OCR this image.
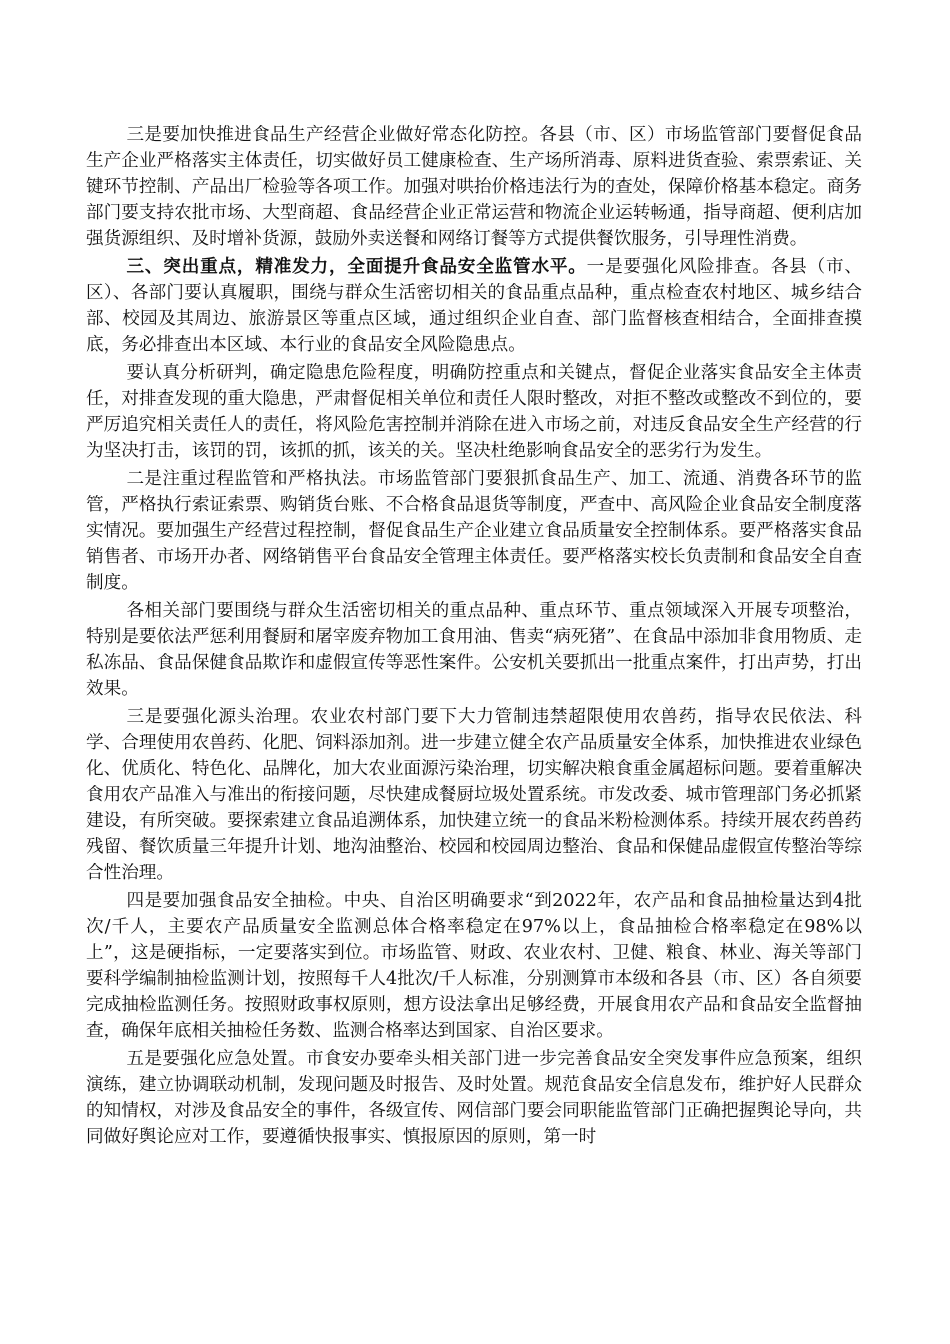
三是要加快推进食品生产经营企业做好常态化防控。各县（市、区）市场监管部门要督促食品生产企业严格落实主体责任，切实做好员工健康检查、生产场所消毒、原料进货查验、索票索证、关键环节控制、产品出厂检验等各项工作。加强对哄抬价格违法行为的查处，保障价格基本稳定。商务部门要支持农批市场、大型商超、食品经营企业正常运营和物流企业运转畅通，指导商超、便利店加强货源组织、及时增补货源，鼓励外卖送餐和网络订餐等方式提供餐饮服务，引导理性消费。

三、突出重点，精准发力，全面提升食品安全监管水平。一是要强化风险排查。各县（市、区）、各部门要认真履职，围绕与群众生活密切相关的食品重点品种，重点检查农村地区、城乡结合部、校园及其周边、旅游景区等重点区域，通过组织企业自查、部门监督核查相结合，全面排查摸底，务必排查出本区域、本行业的食品安全风险隐患点。

要认真分析研判，确定隐患危险程度，明确防控重点和关键点，督促企业落实食品安全主体责任，对排查发现的重大隐患，严肃督促相关单位和责任人限时整改，对拒不整改或整改不到位的，要严厉追究相关责任人的责任，将风险危害控制并消除在进入市场之前，对违反食品安全生产经营的行为坚决打击，该罚的罚，该抓的抓，该关的关。坚决杜绝影响食品安全的恶劣行为发生。

二是注重过程监管和严格执法。市场监管部门要狠抓食品生产、加工、流通、消费各环节的监管，严格执行索证索票、购销货台账、不合格食品退货等制度，严查中、高风险企业食品安全制度落实情况。要加强生产经营过程控制，督促食品生产企业建立食品质量安全控制体系。要严格落实食品销售者、市场开办者、网络销售平台食品安全管理主体责任。要严格落实校长负责制和食品安全自查制度。

各相关部门要围绕与群众生活密切相关的重点品种、重点环节、重点领域深入开展专项整治，特别是要依法严惩利用餐厨和屠宰废弃物加工食用油、售卖“病死猪”、在食品中添加非食用物质、走私冻品、食品保健食品欺诈和虚假宣传等恶性案件。公安机关要抓出一批重点案件，打出声势，打出效果。

三是要强化源头治理。农业农村部门要下大力管制违禁超限使用农兽药，指导农民依法、科学、合理使用农兽药、化肥、饲料添加剂。进一步建立健全农产品质量安全体系，加快推进农业绿色化、优质化、特色化、品牌化，加大农业面源污染治理，切实解决粮食重金属超标问题。要着重解决食用农产品准入与准出的衔接问题，尽快建成餐厨垃圾处置系统。市发改委、城市管理部门务必抓紧建设，有所突破。要探索建立食品追溯体系，加快建立统一的食品米粉检测体系。持续开展农药兽药残留、餐饮质量三年提升计划、地沟油整治、校园和校园周边整治、食品和保健品虚假宣传整治等综合性治理。

四是要加强食品安全抽检。中央、自治区明确要求“到2022年，农产品和食品抽检量达到4批次/千人，主要农产品质量安全监测总体合格率稳定在97%以上，食品抽检合格率稳定在98%以上”，这是硬指标，一定要落实到位。市场监管、财政、农业农村、卫健、粮食、林业、海关等部门要科学编制抽检监测计划，按照每千人4批次/千人标准，分别测算市本级和各县（市、区）各自须要完成抽检监测任务。按照财政事权原则，想方设法拿出足够经费，开展食用农产品和食品安全监督抽查，确保年底相关抽检任务数、监测合格率达到国家、自治区要求。

五是要强化应急处置。市食安办要牵头相关部门进一步完善食品安全突发事件应急预案，组织演练，建立协调联动机制，发现问题及时报告、及时处置。规范食品安全信息发布，维护好人民群众的知情权，对涉及食品安全的事件，各级宣传、网信部门要会同职能监管部门正确把握舆论导向，共同做好舆论应对工作，要遵循快报事实、慎报原因的原则，第一时
